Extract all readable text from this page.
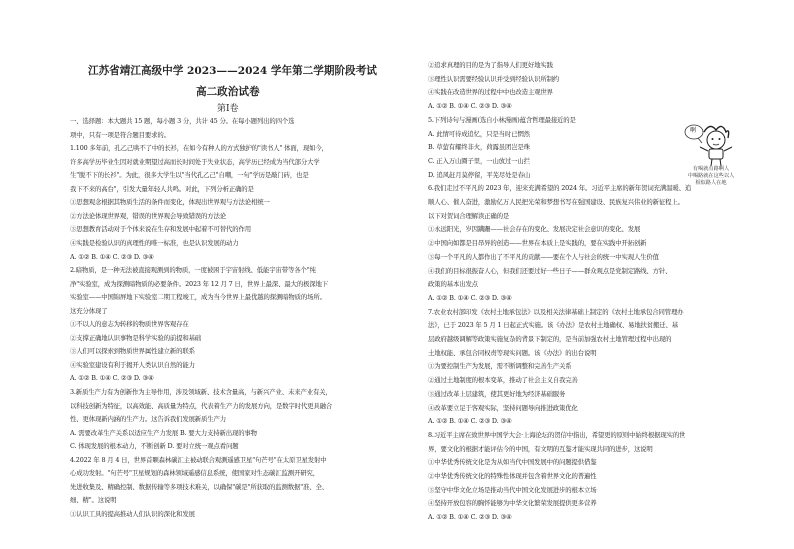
江苏省靖江高级中学 2023——2024 学年第二学期阶段考试
高二政治试卷
第Ⅰ卷
一、选择题：本大题共 15 题，每小题 3 分，共计 45 分。在每小题列出的四个选
项中，只有一项是符合题目要求的。
1.100 多年前，孔乙己哄不了中的长衫，在如今有种人的方式独护的"读书人" 体面，现如今，
许多高学历毕业生因对就业期望过高而长时间处于失业状态，高学历已经成为当代部分大学
生"脱不下的长衫"。为此，很多大学生以"当代孔乙己"自嘲，一句"学历是敲门砖，也是
我下不来的高台"，引发大量年轻人共鸣。对此，下列分析正确的是
①思想观念根据其物质生活的条件而变化，体现出世界观与方法论相统一
②方法论体现世界观，错误的世界观会导致错误的方法论
③思想教育活动对于个体来说在生存和发展中起着不可替代的作用
④实践是检验认识的真理性的唯一标准，也是认识发展的动力
A. ①② B. ①④ C. ②③ D. ③④
2.暗物质，是一种无法被直接观测到的物质，一度被困于宇宙射线、低能宇宙带等各个"纯
净"实验室，成为探测暗物质的必要条件。2023 年 12 月 7 日，世界上最深、最大的极深地下
实验室——中国锦屏地下实验室二期工程竣工，成为当今世界上最优越的探测暗物质的场所。
这充分体现了
①不以人的意志为转移的物质世界客观存在
②支撑正确地认识事物是科学实验的前提和基础
③人们可以探索到物质世界属性建立新的联系
④实验室建设有利于揭开人类认识自然的能力
A. ①② B. ①④ C. ②③ D. ③④
3.新质生产力有为创新作为主导作用，涉及领域新、技术含量高，与新兴产业、未来产业有关，
以科技创新为特征，以高效能、高质量为特点，代表着生产力的发展方向，是数字时代更具融合
性、更体现新内涵的生产力。这告诉我们发展新质生产力
A. 需要改革生产关系以适应生产力发展 B. 要大力支持新出现的事物
C. 体现发展的根本动力，不断创新 D. 要对立统一观点看问题
4.2022 年 8 月 4 日，世界首颗森林碳汇主被动联合观测遥感卫星"句芒号"在太原卫星发射中
心成功发射。"句芒号"卫星规划的森林领域遥感信息系统，使国家对生态碳汇监测开研究，
先进收集及、精确控制、数据传输等多项技术难关，以确保"碳是"所获取的监测数据"准、全、
细、精"。这说明
①认识工具的提高推动人们认识的深化和发展
②追求真理的目的是为了指导人们更好地实践
③理性认识需要经验认识并受到经验认识所制约
④实践在改造世界的过程中中也改造主观世界
A. ①② B. ①④ C. ②③ D. ③④
5.下列诗句与漫画(选自小林漫画)蕴含哲理最接近的是
A. 此情可待成追忆，只是当时已惘然
B. 草萤有耀终非火，荷露虽团岂是珠
C. 正入万山圈子里，一山放过一山拦
D. 追风赶月莫停留，平芜尽处是春山
6.我们走过不平凡的 2023 年，迎来充满希望的 2024 年。习近平主席的新年贺词充满温暖、追
顺人心、催人奋进，激励亿万人民把光荣和梦想书写在强国建设、民族复兴伟业的新征程上。
以下对贺词合理解读正确的是
①永远阳光，岁因蹒跚——社会存在的变化、发展决定社会意识的变化、发展
②中国向如都是目昂异的创造——世界在本质上是实践的，要在实践中开拓创新
③每一个平凡的人都作出了不平凡的贡献——要在个人与社会的统一中实现人生价值
④我们的目标很振奋人心，但我们还要过好一些日子——群众观点是党制定路线、方针、
政策的基本出发点
A. ①② B. ①④ C. ②③ D. ③④
7.农业农村部印发《农村土地承包法》以及相关法律基础上制定的《农村土地承包合同管理办
法》，已于 2023 年 5 月 1 日起正式实施。该《办法》是农村土地确权、易地扶贫搬迁、基
层政府越级调解等政策实施复杂的背景下制定的，是当前加强农村土地管理过程中出现的
土地权能、承包合同权责等现实问题。该《办法》的出台说明
①为要控制生产为发展，需不断调整和完善生产关系
②通过土地制度的根本变革，推动了社会主义自我完善
③通过改革上层建筑，使其更好地为经济基础服务
④改革要立足于客观实际，坚持问题导向推进政策优化
A. ①② B. ①④ C. ②③ D. ③④
8.习近平主席在致世界中国学大会·上海论坛的贺信中指出，希望更的原则中始终根据现实的世
界，要文化的根据才能评估今的中国，有文明的互鉴才能实现共同的进步，这说明
①中华优秀传统文化是为从如当代中国发展中的问题提供借鉴
②中华优秀传统文化的特殊性体现并包含着世界文化的普遍性
③坚守中华文化立场是推动当代中国文化发展进步的根本立场
④坚持开放包容的胸怀能够为中华文化繁荣发展提供更多营养
A. ①② B. ①④ C. ②③ D. ③④
啊
有喝就有路啊人
中喝路就在这些以人
相似路人在地
